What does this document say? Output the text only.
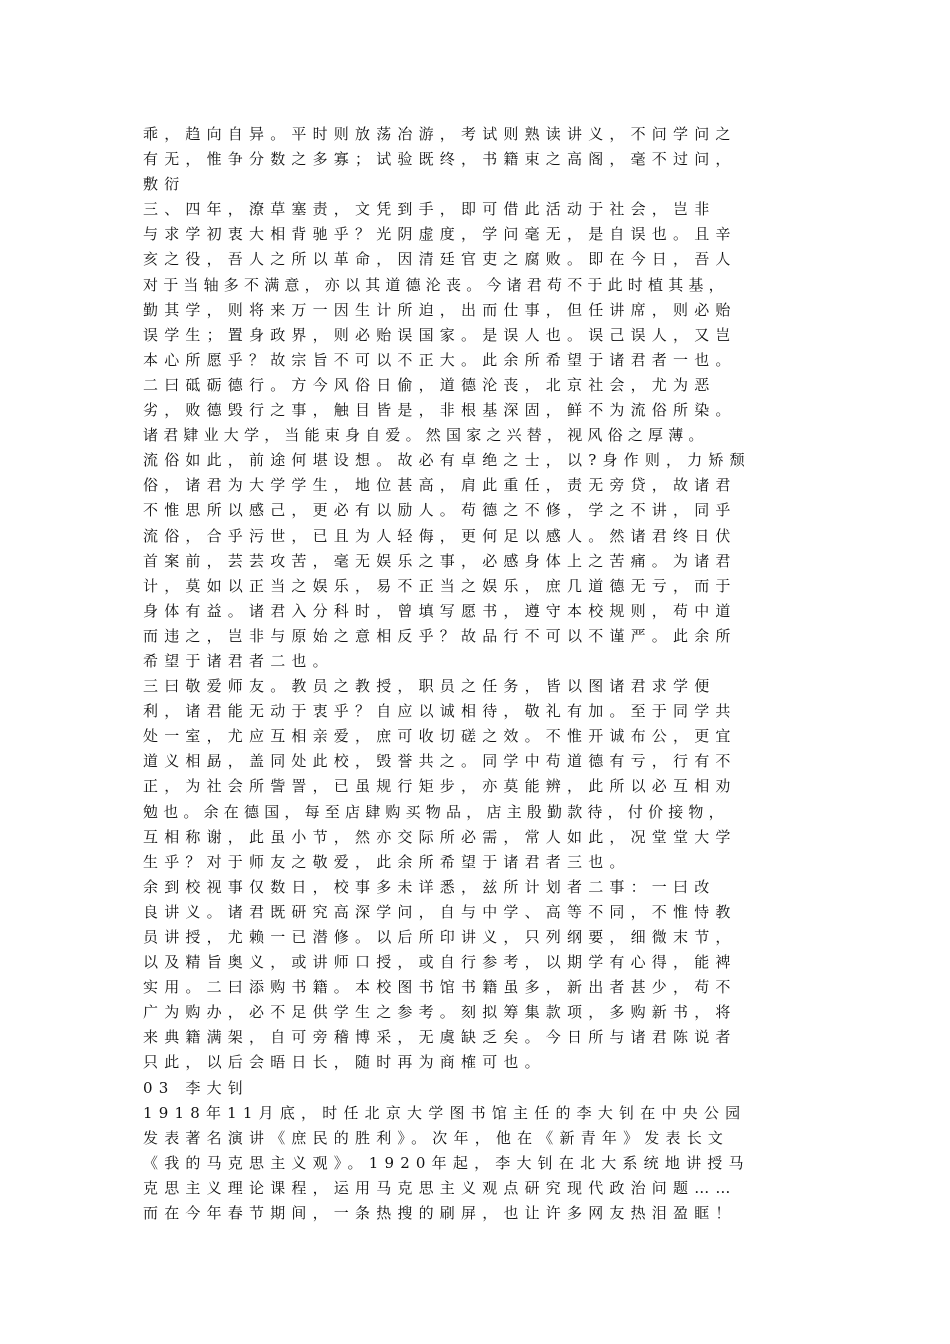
乖，趋向自异。平时则放荡冶游，考试则熟读讲义，不问学问之
有无，惟争分数之多寡；试验既终，书籍束之高阁，毫不过问，
敷衍
三、四年，潦草塞责，文凭到手，即可借此活动于社会，岂非
与求学初衷大相背驰乎？光阴虚度，学问毫无，是自误也。且辛
亥之役，吾人之所以革命，因清廷官吏之腐败。即在今日，吾人
对于当轴多不满意，亦以其道德沦丧。今诸君苟不于此时植其基，
勤其学，则将来万一因生计所迫，出而仕事，但任讲席，则必贻
误学生；置身政界，则必贻误国家。是误人也。误己误人，又岂
本心所愿乎？故宗旨不可以不正大。此余所希望于诸君者一也。
二曰砥砺德行。方今风俗日偷，道德沦丧，北京社会，尤为恶
劣，败德毁行之事，触目皆是，非根基深固，鲜不为流俗所染。
诸君肄业大学，当能束身自爱。然国家之兴替，视风俗之厚薄。
流俗如此，前途何堪设想。故必有卓绝之士，以?身作则，力矫颓
俗，诸君为大学学生，地位甚高，肩此重任，责无旁贷，故诸君
不惟思所以感己，更必有以励人。苟德之不修，学之不讲，同乎
流俗，合乎污世，已且为人轻侮，更何足以感人。然诸君终日伏
首案前，芸芸攻苦，毫无娱乐之事，必感身体上之苦痛。为诸君
计，莫如以正当之娱乐，易不正当之娱乐，庶几道德无亏，而于
身体有益。诸君入分科时，曾填写愿书，遵守本校规则，苟中道
而违之，岂非与原始之意相反乎？故品行不可以不谨严。此余所
希望于诸君者二也。
三曰敬爱师友。教员之教授，职员之任务，皆以图诸君求学便
利，诸君能无动于衷乎？自应以诚相待，敬礼有加。至于同学共
处一室，尤应互相亲爱，庶可收切磋之效。不惟开诚布公，更宜
道义相勗，盖同处此校，毁誉共之。同学中苟道德有亏，行有不
正，为社会所訾詈，已虽规行矩步，亦莫能辨，此所以必互相劝
勉也。余在德国，每至店肆购买物品，店主殷勤款待，付价接物，
互相称谢，此虽小节，然亦交际所必需，常人如此，况堂堂大学
生乎？对于师友之敬爱，此余所希望于诸君者三也。
余到校视事仅数日，校事多未详悉，兹所计划者二事：一曰改
良讲义。诸君既研究高深学问，自与中学、高等不同，不惟恃教
员讲授，尤赖一已潜修。以后所印讲义，只列纲要，细微末节，
以及精旨奥义，或讲师口授，或自行参考，以期学有心得，能裨
实用。二曰添购书籍。本校图书馆书籍虽多，新出者甚少，苟不
广为购办，必不足供学生之参考。刻拟筹集款项，多购新书，将
来典籍满架，自可旁稽博采，无虞缺乏矣。今日所与诸君陈说者
只此，以后会晤日长，随时再为商榷可也。
03 李大钊
1918年11月底，时任北京大学图书馆主任的李大钊在中央公园
发表著名演讲《庶民的胜利》。次年，他在《新青年》发表长文
《我的马克思主义观》。1920年起，李大钊在北大系统地讲授马
克思主义理论课程，运用马克思主义观点研究现代政治问题……
而在今年春节期间，一条热搜的刷屏，也让许多网友热泪盈眶！
